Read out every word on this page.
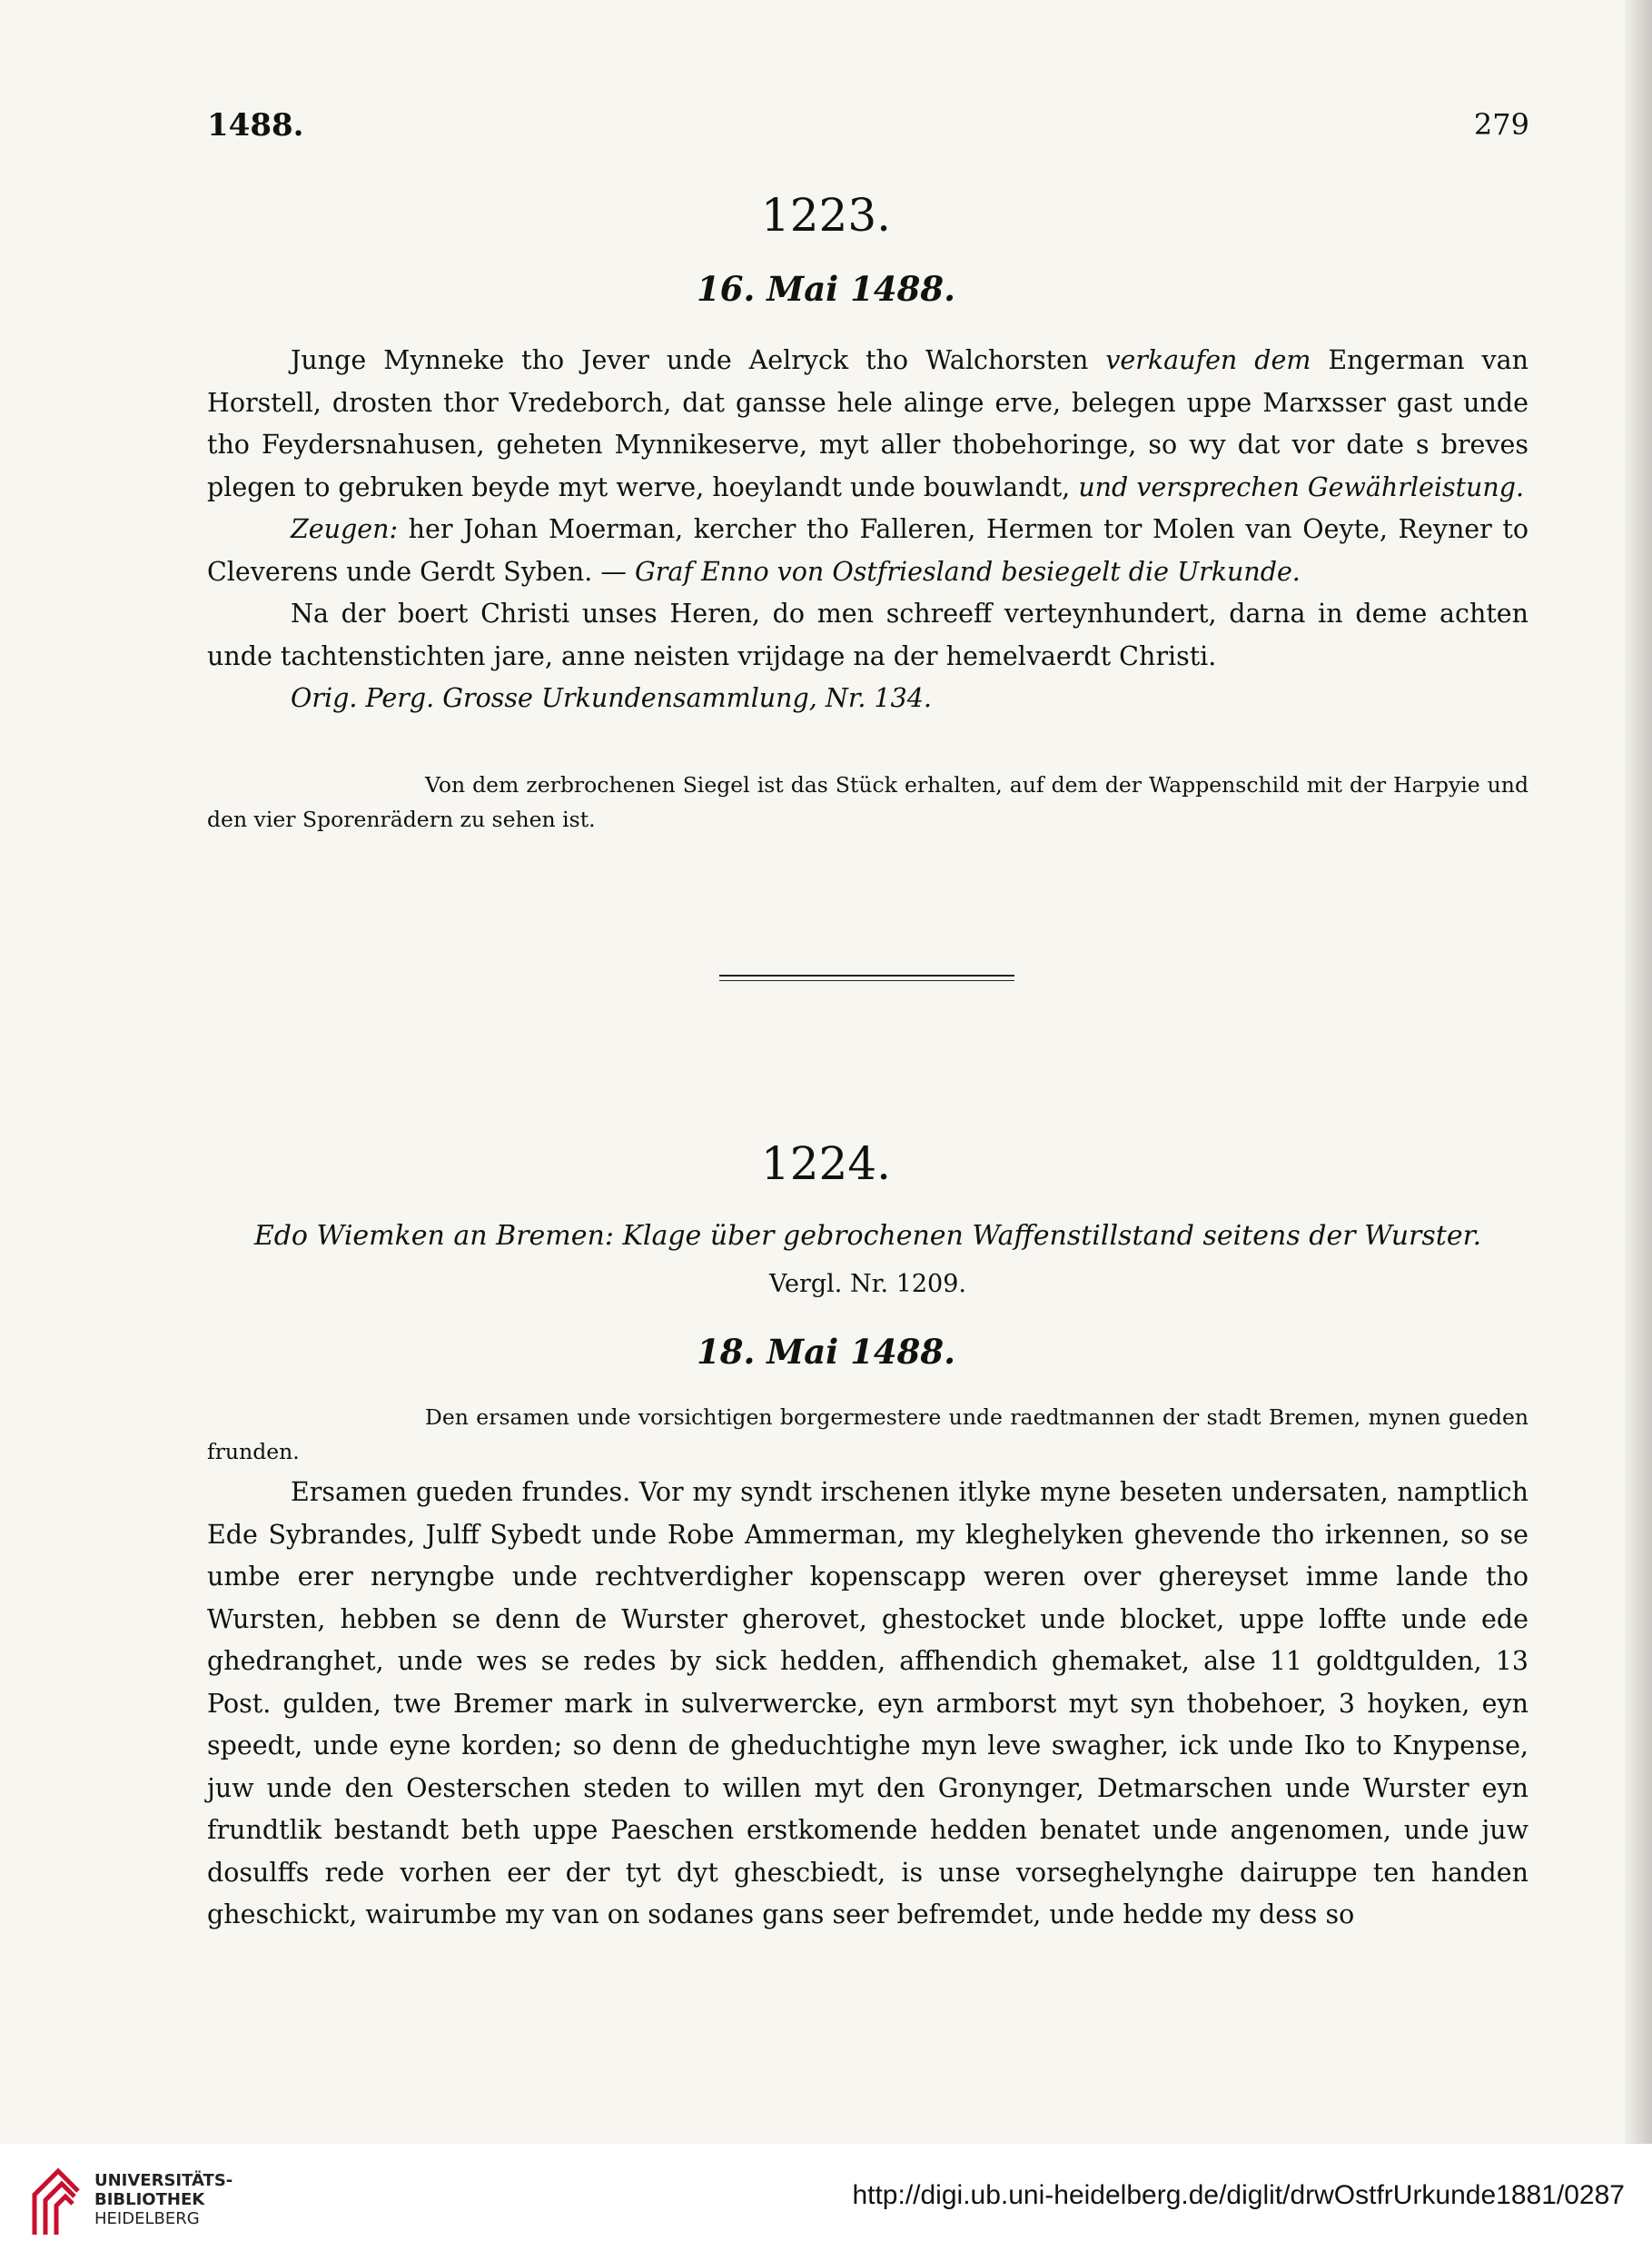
1488.	279
1223.
16. Mai 1488.

Junge Mynneke tho Jever unde Aelryck tho Walchorsten verkaufen dem Engerman van Horstell, drosten thor Vredeborch, dat gansse hele alinge erve, belegen uppe Marxsser gast unde tho Feydersnahusen, geheten Mynnikeserve, myt aller thobehoringe, so wy dat vor date s breves plegen to gebruken beyde myt werve, hoeylandt unde bouwlandt, und versprechen Gewährleistung.

Zeugen: her Johan Moerman, kercher tho Falleren, Hermen tor Molen van Oeyte, Reyner to Cleverens unde Gerdt Syben. — Graf Enno von Ostfriesland besiegelt die Urkunde.

Na der boert Christi unses Heren, do men schreeff verteynhundert, darna in deme achten unde tachtenstichten jare, anne neisten vrijdage na der hemelvaerdt Christi.

Orig. Perg. Grosse Urkundensammlung, Nr. 134.

Von dem zerbrochenen Siegel ist das Stück erhalten, auf dem der Wappenschild mit der Harpyie und den vier Sporenrädern zu sehen ist.
1224.
Edo Wiemken an Bremen: Klage über gebrochenen Waffenstillstand seitens der Wurster.
Vergl. Nr. 1209.
18. Mai 1488.
Den ersamen unde vorsichtigen borgermestere unde raedtmannen der stadt Bremen, mynen gueden frunden.
Ersamen gueden frundes. Vor my syndt irschenen itlyke myne beseten undersaten, namptlich Ede Sybrandes, Julff Sybedt unde Robe Ammerman, my kleghelyken ghevende tho irkennen, so se umbe erer neryngbe unde rechtverdigher kopenscapp weren over ghereyset imme lande tho Wursten, hebben se denn de Wurster gherovet, ghestocket unde blocket, uppe loffte unde ede ghedranghet, unde wes se redes by sick hedden, affhendich ghemaket, alse 11 goldtgulden, 13 Post. gulden, twe Bremer mark in sulverwercke, eyn armborst myt syn thobehoer, 3 hoyken, eyn speedt, unde eyne korden; so denn de gheduchtighe myn leve swagher, ick unde Iko to Knypense, juw unde den Oesterschen steden to willen myt den Gronynger, Detmarschen unde Wurster eyn frundtlik bestandt beth uppe Paeschen erstkomende hedden benatet unde angenomen, unde juw dosulffs rede vorhen eer der tyt dyt ghescbiedt, is unse vorseghelynghe dairuppe ten handen gheschickt, wairumbe my van on sodanes gans seer befremdet, unde hedde my dess so
UNIVERSITÄTS-
BIBLIOTHEK
HEIDELBERG
http://digi.ub.uni-heidelberg.de/diglit/drwOstfrUrkunde1881/0287
